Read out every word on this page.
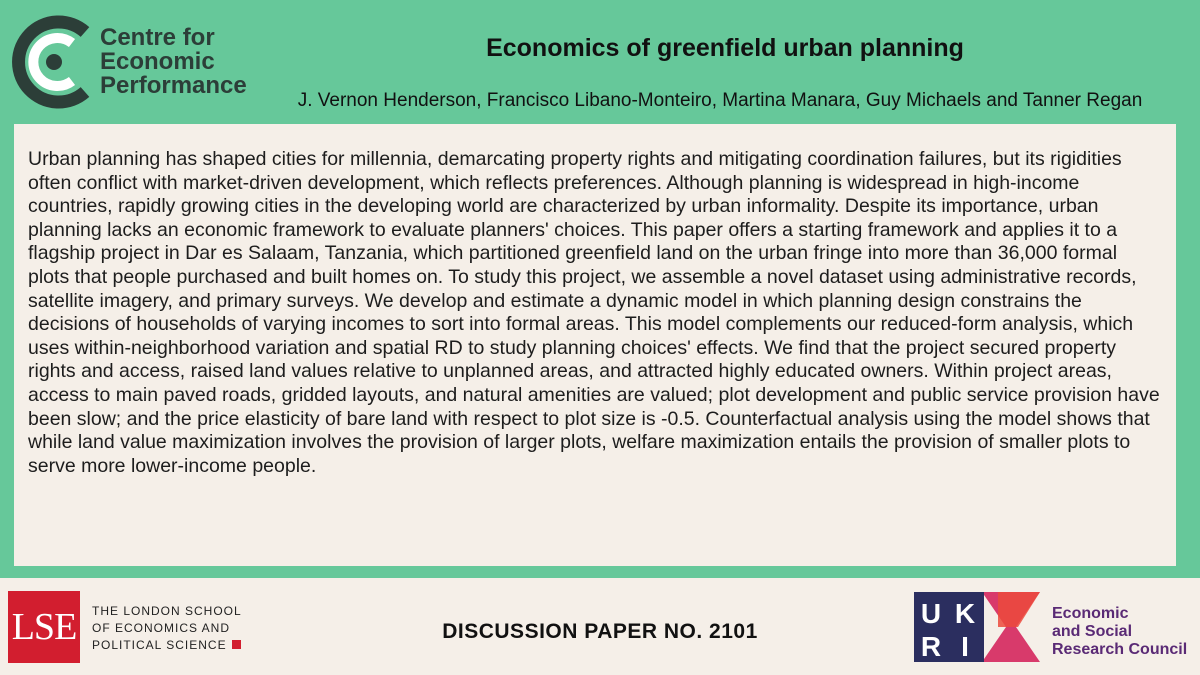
Centre for
Economic
Performance
Economics of greenfield urban planning
J. Vernon Henderson, Francisco Libano-Monteiro, Martina Manara, Guy Michaels and Tanner Regan

Urban planning has shaped cities for millennia, demarcating property rights and mitigating coordination failures, but its rigidities often conflict with market-driven development, which reflects preferences. Although planning is widespread in high-income countries, rapidly growing cities in the developing world are characterized by urban informality. Despite its importance, urban planning lacks an economic framework to evaluate planners' choices. This paper offers a starting framework and applies it to a flagship project in Dar es Salaam, Tanzania, which partitioned greenfield land on the urban fringe into more than 36,000 formal plots that people purchased and built homes on. To study this project, we assemble a novel dataset using administrative records, satellite imagery, and primary surveys. We develop and estimate a dynamic model in which planning design constrains the decisions of households of varying incomes to sort into formal areas. This model complements our reduced-form analysis, which uses within-neighborhood variation and spatial RD to study planning choices' effects. We find that the project secured property rights and access, raised land values relative to unplanned areas, and attracted highly educated owners. Within project areas, access to main paved roads, gridded layouts, and natural amenities are valued; plot development and public service provision have been slow; and the price elasticity of bare land with respect to plot size is -0.5. Counterfactual analysis using the model shows that while land value maximization involves the provision of larger plots, welfare maximization entails the provision of smaller plots to serve more lower-income people.

LSE	THE LONDON SCHOOL
OF ECONOMICS AND
POLITICAL SCIENCE
DISCUSSION PAPER NO. 2101
U K
R I
Economic
and Social
Research Council
